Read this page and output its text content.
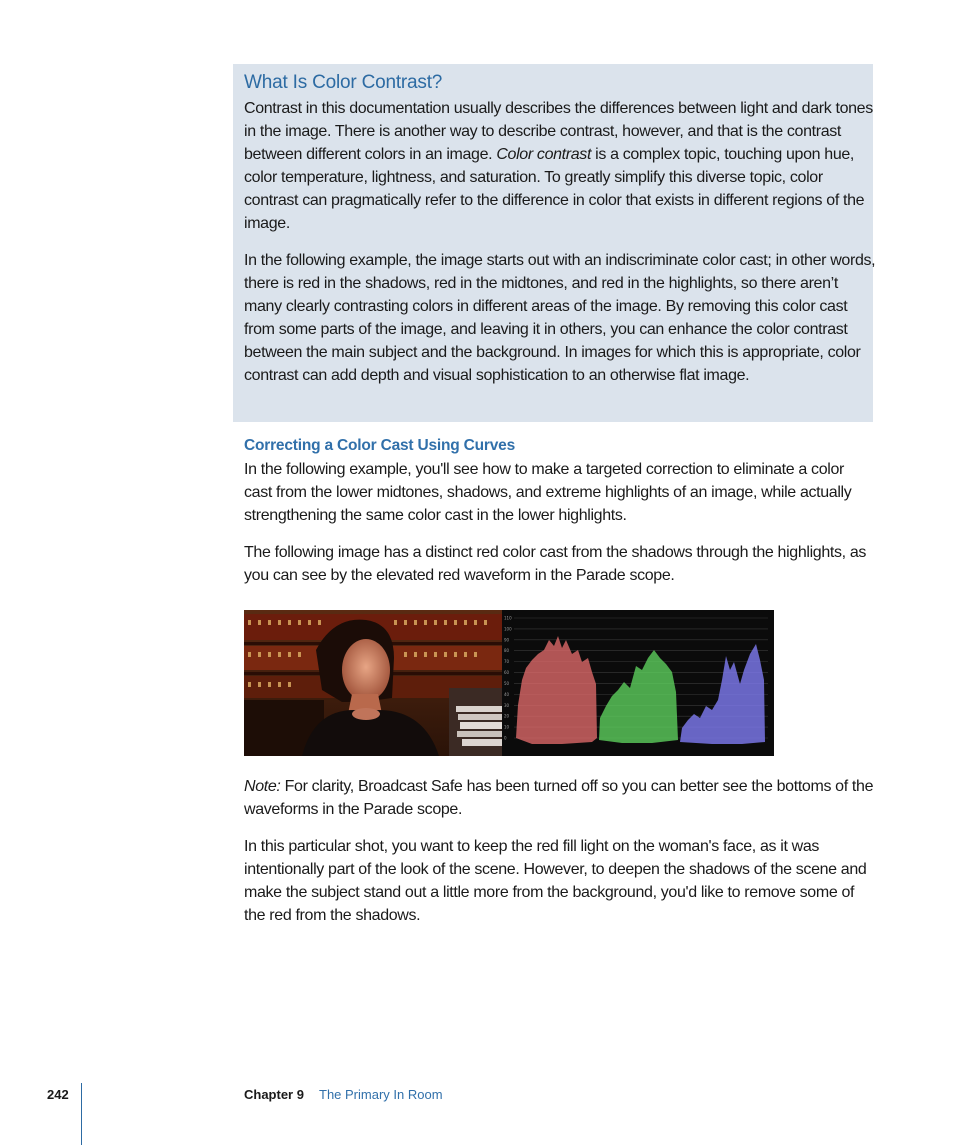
What Is Color Contrast?

Contrast in this documentation usually describes the differences between light and dark tones in the image. There is another way to describe contrast, however, and that is the contrast between different colors in an image. Color contrast is a complex topic, touching upon hue, color temperature, lightness, and saturation. To greatly simplify this diverse topic, color contrast can pragmatically refer to the difference in color that exists in different regions of the image.

In the following example, the image starts out with an indiscriminate color cast; in other words, there is red in the shadows, red in the midtones, and red in the highlights, so there aren’t many clearly contrasting colors in different areas of the image. By removing this color cast from some parts of the image, and leaving it in others, you can enhance the color contrast between the main subject and the background. In images for which this is appropriate, color contrast can add depth and visual sophistication to an otherwise flat image.

Correcting a Color Cast Using Curves

In the following example, you'll see how to make a targeted correction to eliminate a color cast from the lower midtones, shadows, and extreme highlights of an image, while actually strengthening the same color cast in the lower highlights.

The following image has a distinct red color cast from the shadows through the highlights, as you can see by the elevated red waveform in the Parade scope.

110
100
90
80
70
60
50
40
30
20
10
0

Note: For clarity, Broadcast Safe has been turned off so you can better see the bottoms of the waveforms in the Parade scope.

In this particular shot, you want to keep the red fill light on the woman's face, as it was intentionally part of the look of the scene. However, to deepen the shadows of the scene and make the subject stand out a little more from the background, you'd like to remove some of the red from the shadows.

242	Chapter 9 The Primary In Room
